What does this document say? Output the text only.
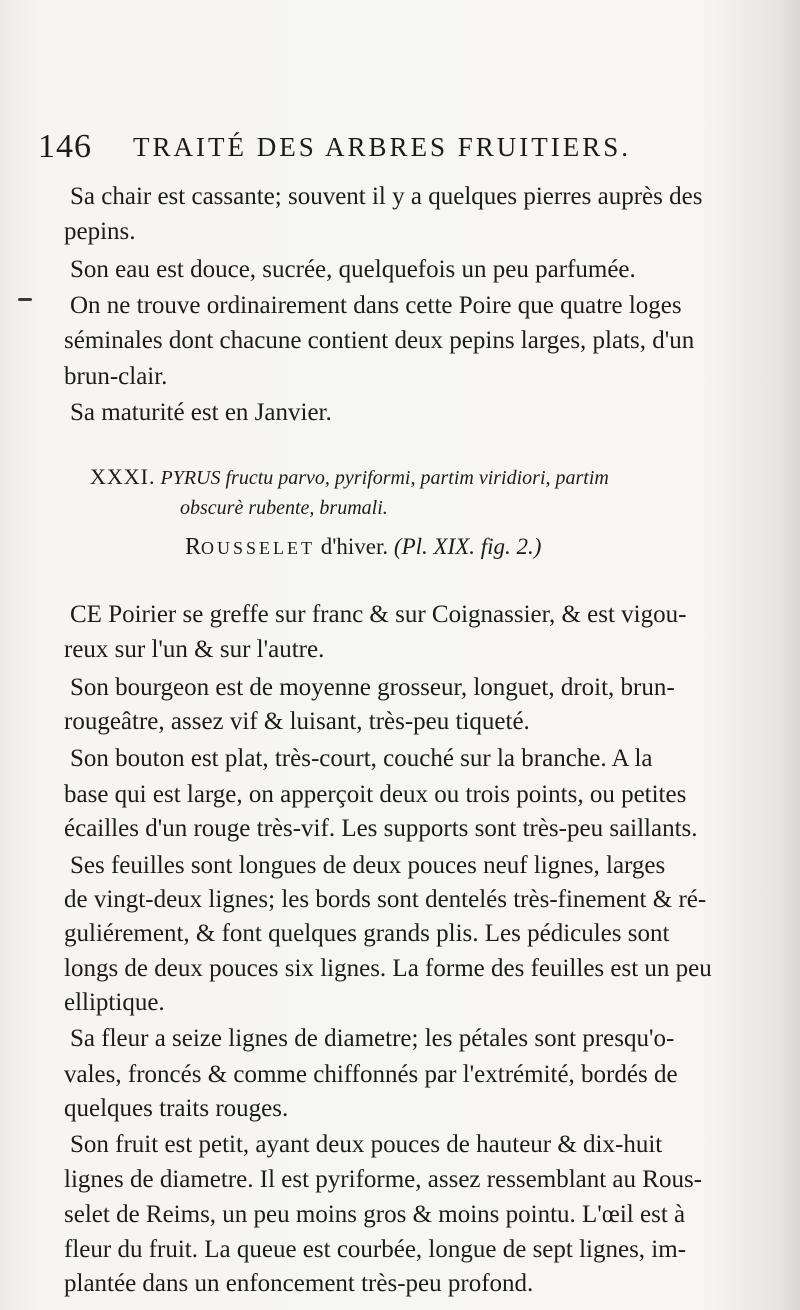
146 TRAITÉ DES ARBRES FRUITIERS.
Sa chair est cassante; souvent il y a quelques pierres auprès des
pepins.
Son eau est douce, sucrée, quelquefois un peu parfumée.
On ne trouve ordinairement dans cette Poire que quatre loges
séminales dont chacune contient deux pepins larges, plats, d'un
brun-clair.
Sa maturité est en Janvier.
XXXI. PYRUS fructu parvo, pyriformi, partim viridiori, partim
obscurè rubente, brumali.
ROUSSELET d'hiver. (Pl. XIX. fig. 2.)
CE Poirier se greffe sur franc & sur Coignassier, & est vigou-
reux sur l'un & sur l'autre.
Son bourgeon est de moyenne grosseur, longuet, droit, brun-
rougeâtre, assez vif & luisant, très-peu tiqueté.
Son bouton est plat, très-court, couché sur la branche. A la
base qui est large, on apperçoit deux ou trois points, ou petites
écailles d'un rouge très-vif. Les supports sont très-peu saillants.
Ses feuilles sont longues de deux pouces neuf lignes, larges
de vingt-deux lignes; les bords sont dentelés très-finement & ré-
guliérement, & font quelques grands plis. Les pédicules sont
longs de deux pouces six lignes. La forme des feuilles est un peu
elliptique.
Sa fleur a seize lignes de diametre; les pétales sont presqu'o-
vales, froncés & comme chiffonnés par l'extrémité, bordés de
quelques traits rouges.
Son fruit est petit, ayant deux pouces de hauteur & dix-huit
lignes de diametre. Il est pyriforme, assez ressemblant au Rous-
selet de Reims, un peu moins gros & moins pointu. L'œil est à
fleur du fruit. La queue est courbée, longue de sept lignes, im-
plantée dans un enfoncement très-peu profond.
